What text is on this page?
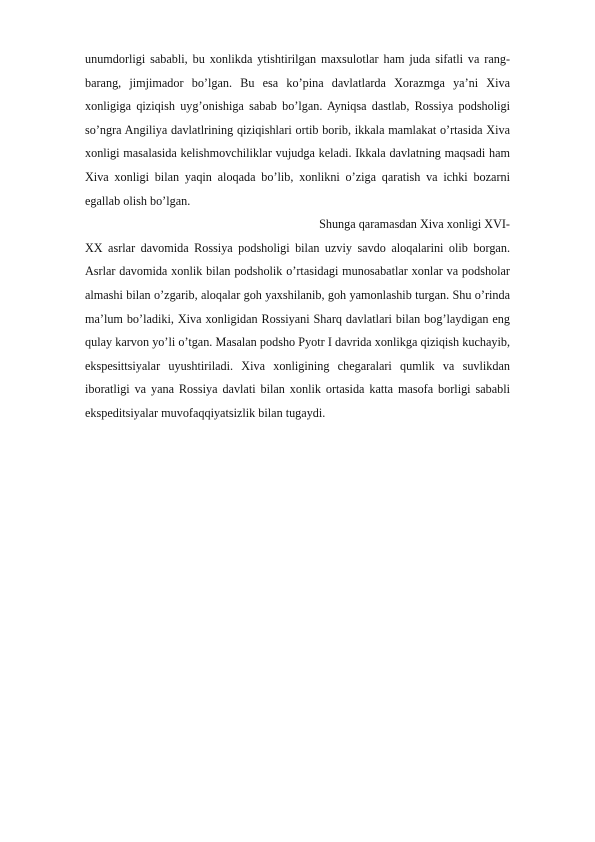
unumdorligi sababli, bu xonlikda ytishtirilgan maxsulotlar ham juda sifatli va rang-barang, jimjimador bo’lgan. Bu esa ko’pina davlatlarda Xorazmga ya’ni Xiva xonligiga qiziqish uyg’onishiga sabab bo’lgan. Ayniqsa dastlab, Rossiya podsholigi so’ngra Angiliya davlatlrining qiziqishlari ortib borib, ikkala mamlakat o’rtasida Xiva xonligi masalasida kelishmovchiliklar vujudga keladi. Ikkala davlatning maqsadi ham Xiva xonligi bilan yaqin aloqada bo’lib, xonlikni o’ziga qaratish va ichki bozarni egallab olish bo’lgan.

Shunga qaramasdan Xiva xonligi XVI-

XX asrlar davomida Rossiya podsholigi bilan uzviy savdo aloqalarini olib borgan. Asrlar davomida xonlik bilan podsholik o’rtasidagi munosabatlar xonlar va podsholar almashi bilan o’zgarib, aloqalar goh yaxshilanib, goh yamonlashib turgan. Shu o’rinda ma’lum bo’ladiki, Xiva xonligidan Rossiyani Sharq davlatlari bilan bog’laydigan eng qulay karvon yo’li o’tgan. Masalan podsho Pyotr I davrida xonlikga qiziqish kuchayib, ekspesittsiyalar uyushtiriladi. Xiva xonligining chegaralari qumlik va suvlikdan iboratligi va yana Rossiya davlati bilan xonlik ortasida katta masofa borligi sababli ekspeditsiyalar muvofaqqiyatsizlik bilan tugaydi.
